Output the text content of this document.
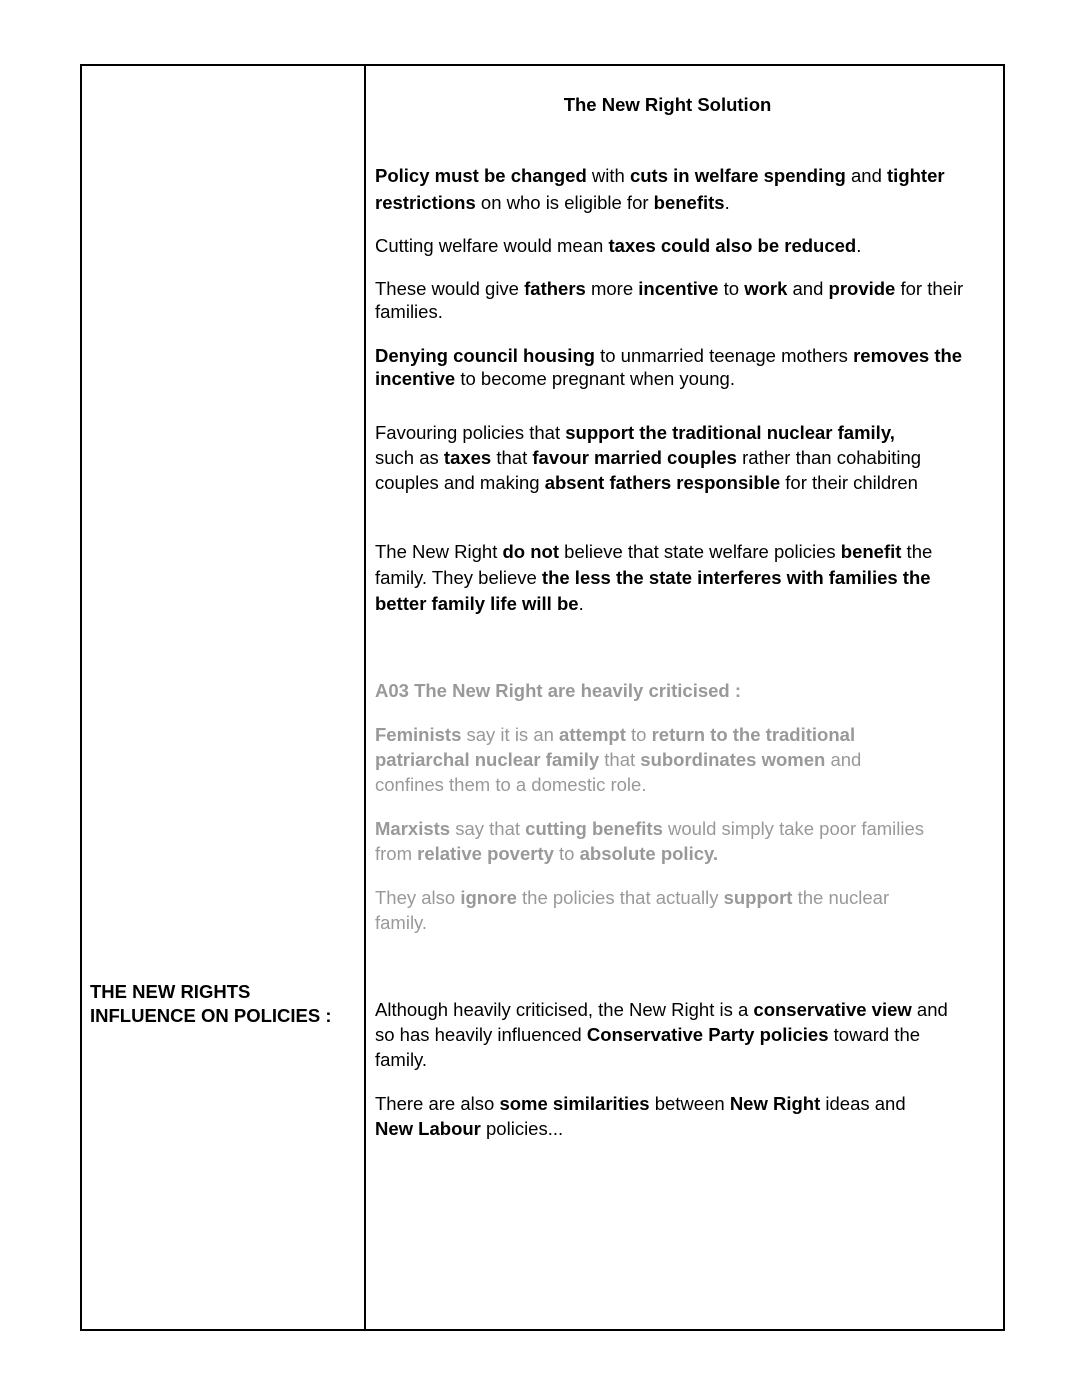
THE NEW RIGHTS
INFLUENCE ON POLICIES :
The New Right Solution
Policy must be changed with cuts in welfare spending and tighter restrictions on who is eligible for benefits.
Cutting welfare would mean taxes could also be reduced.
These would give fathers more incentive to work and provide for their families.
Denying council housing to unmarried teenage mothers removes the incentive to become pregnant when young.
Favouring policies that support the traditional nuclear family, such as taxes that favour married couples rather than cohabiting couples and making absent fathers responsible for their children
The New Right do not believe that state welfare policies benefit the family. They believe the less the state interferes with families the better family life will be.
A03 The New Right are heavily criticised :
Feminists say it is an attempt to return to the traditional patriarchal nuclear family that subordinates women and confines them to a domestic role.
Marxists say that cutting benefits would simply take poor families from relative poverty to absolute policy.
They also ignore the policies that actually support the nuclear family.
Although heavily criticised, the New Right is a conservative view and so has heavily influenced Conservative Party policies toward the family.
There are also some similarities between New Right ideas and New Labour policies...
